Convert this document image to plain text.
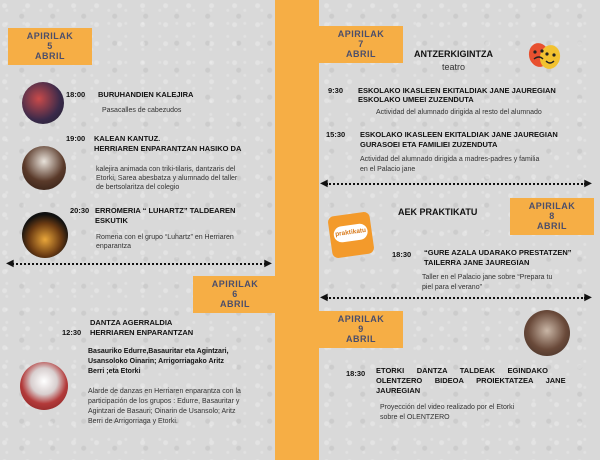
APIRILAK
5
ABRIL
APIRILAK
6
ABRIL
APIRILAK
7
ABRIL
APIRILAK
8
ABRIL
APIRILAK
9
ABRIL
18:00 BURUHANDIEN KALEJIRA
Pasacalles de cabezudos
19:00 KALEAN KANTUZ.
HERRIAREN ENPARANTZAN HASIKO DA
kalejira animada con triki-tilaris, dantzaris del
Etorki, Sarea abesbatza y alumnado del taller
de bertsolaritza del colegio
20:30 ERROMERIA “ LUHARTZ” TALDEAREN
ESKUTIK
Romeria con el grupo “Luhartz” en Herriaren
enparantza
◀	▶
DANTZA AGERRALDIA
12:30 HERRIAREN ENPARANTZAN
Basauriko Edurre,Basauritar eta Agintzari,
Usansoloko Oinarin; Arrigorriagako Aritz
Berri ;eta Etorki
Alarde de danzas en Herriaren enparantza con la
participación de los grupos : Edurre, Basauritar y
Agintzari de Basauri; Oinarin de Usansolo; Aritz
Berri de Arrigorriaga y Etorki.
ANTZERKIGINTZA
teatro
9:30 ESKOLAKO IKASLEEN EKITALDIAK JANE JAUREGIAN
ESKOLAKO UMEEI ZUZENDUTA
Actividad del alumnado dirigida al resto del alumnado
15:30 ESKOLAKO IKASLEEN EKITALDIAK JANE JAUREGIAN
GURASOEI ETA FAMILIEI ZUZENDUTA
Actividad del alumnado dirigida a madres-padres y familia
en el Palacio jane
◀	▶
praktikatu
AEK PRAKTIKATU
18:30 “GURE AZALA UDARAKO PRESTATZEN”
TAILERRA JANE JAUREGIAN
Taller en el Palacio jane sobre “Prepara tu
piel para el verano”
◀	▶
18:30 ETORKI      DANTZA      TALDEAK      EGINDAKO
OLENTZERO      BIDEOA      PROIEKTATZEA      JANE
JAUREGIAN
Proyección del video realizado por el Etorki
sobre el OLENTZERO
